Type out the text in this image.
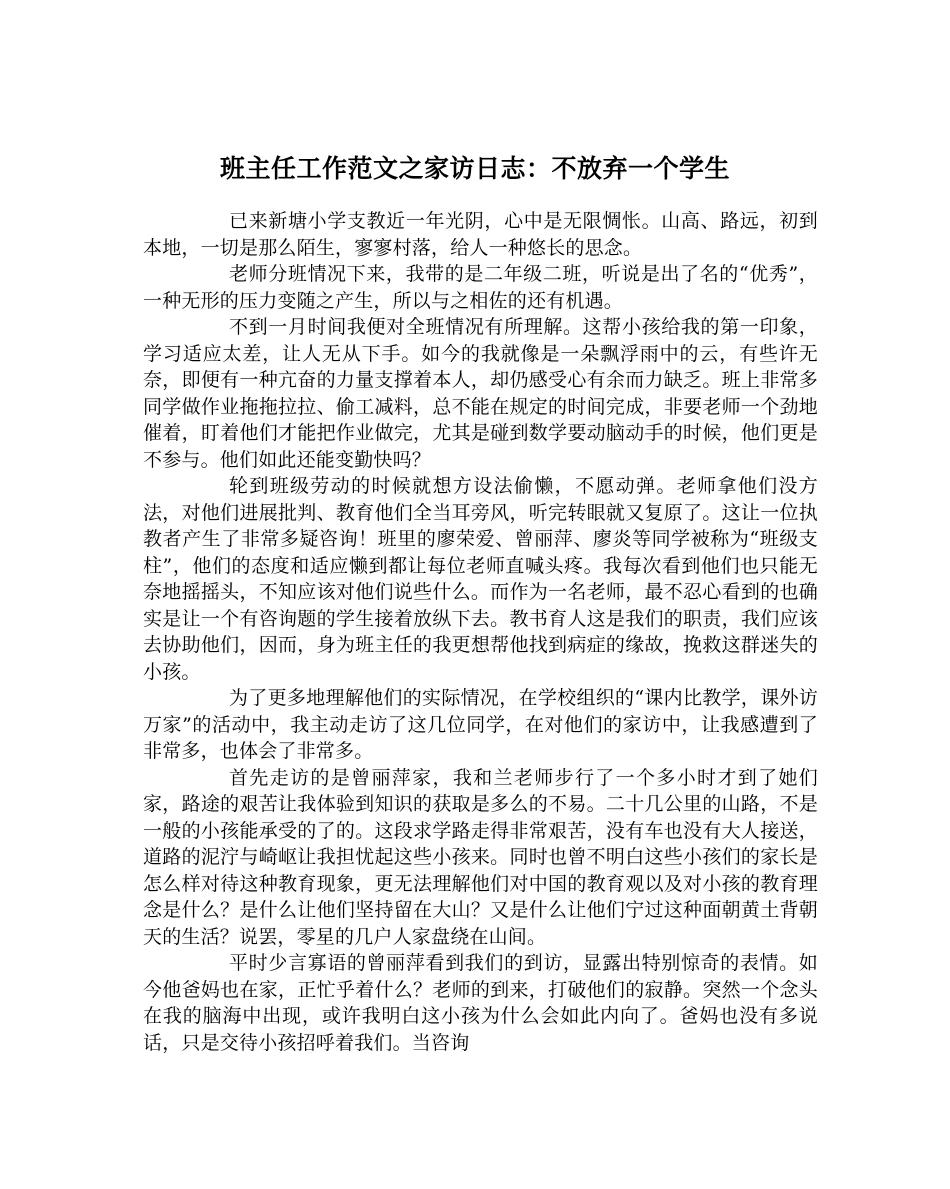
班主任工作范文之家访日志：不放弃一个学生

已来新塘小学支教近一年光阴，心中是无限惆怅。山高、路远，初到本地，一切是那么陌生，寥寥村落，给人一种悠长的思念。

老师分班情况下来，我带的是二年级二班，听说是出了名的“优秀”，一种无形的压力变随之产生，所以与之相佐的还有机遇。

不到一月时间我便对全班情况有所理解。这帮小孩给我的第一印象，学习适应太差，让人无从下手。如今的我就像是一朵飘浮雨中的云，有些许无奈，即便有一种亢奋的力量支撑着本人，却仍感受心有余而力缺乏。班上非常多同学做作业拖拖拉拉、偷工减料，总不能在规定的时间完成，非要老师一个劲地催着，盯着他们才能把作业做完，尤其是碰到数学要动脑动手的时候，他们更是不参与。他们如此还能变勤快吗？

轮到班级劳动的时候就想方设法偷懒，不愿动弹。老师拿他们没方法，对他们进展批判、教育他们全当耳旁风，听完转眼就又复原了。这让一位执教者产生了非常多疑咨询！班里的廖荣爱、曾丽萍、廖炎等同学被称为“班级支柱”，他们的态度和适应懒到都让每位老师直喊头疼。我每次看到他们也只能无奈地摇摇头，不知应该对他们说些什么。而作为一名老师，最不忍心看到的也确实是让一个有咨询题的学生接着放纵下去。教书育人这是我们的职责，我们应该去协助他们，因而，身为班主任的我更想帮他找到病症的缘故，挽救这群迷失的小孩。

为了更多地理解他们的实际情况，在学校组织的“课内比教学，课外访万家”的活动中，我主动走访了这几位同学，在对他们的家访中，让我感遭到了非常多，也体会了非常多。

首先走访的是曾丽萍家，我和兰老师步行了一个多小时才到了她们家，路途的艰苦让我体验到知识的获取是多么的不易。二十几公里的山路，不是一般的小孩能承受的了的。这段求学路走得非常艰苦，没有车也没有大人接送，道路的泥泞与崎岖让我担忧起这些小孩来。同时也曾不明白这些小孩们的家长是怎么样对待这种教育现象，更无法理解他们对中国的教育观以及对小孩的教育理念是什么？是什么让他们坚持留在大山？又是什么让他们宁过这种面朝黄土背朝天的生活？说罢，零星的几户人家盘绕在山间。

平时少言寡语的曾丽萍看到我们的到访，显露出特别惊奇的表情。如今他爸妈也在家，正忙乎着什么？老师的到来，打破他们的寂静。突然一个念头在我的脑海中出现，或许我明白这小孩为什么会如此内向了。爸妈也没有多说话，只是交待小孩招呼着我们。当咨询
